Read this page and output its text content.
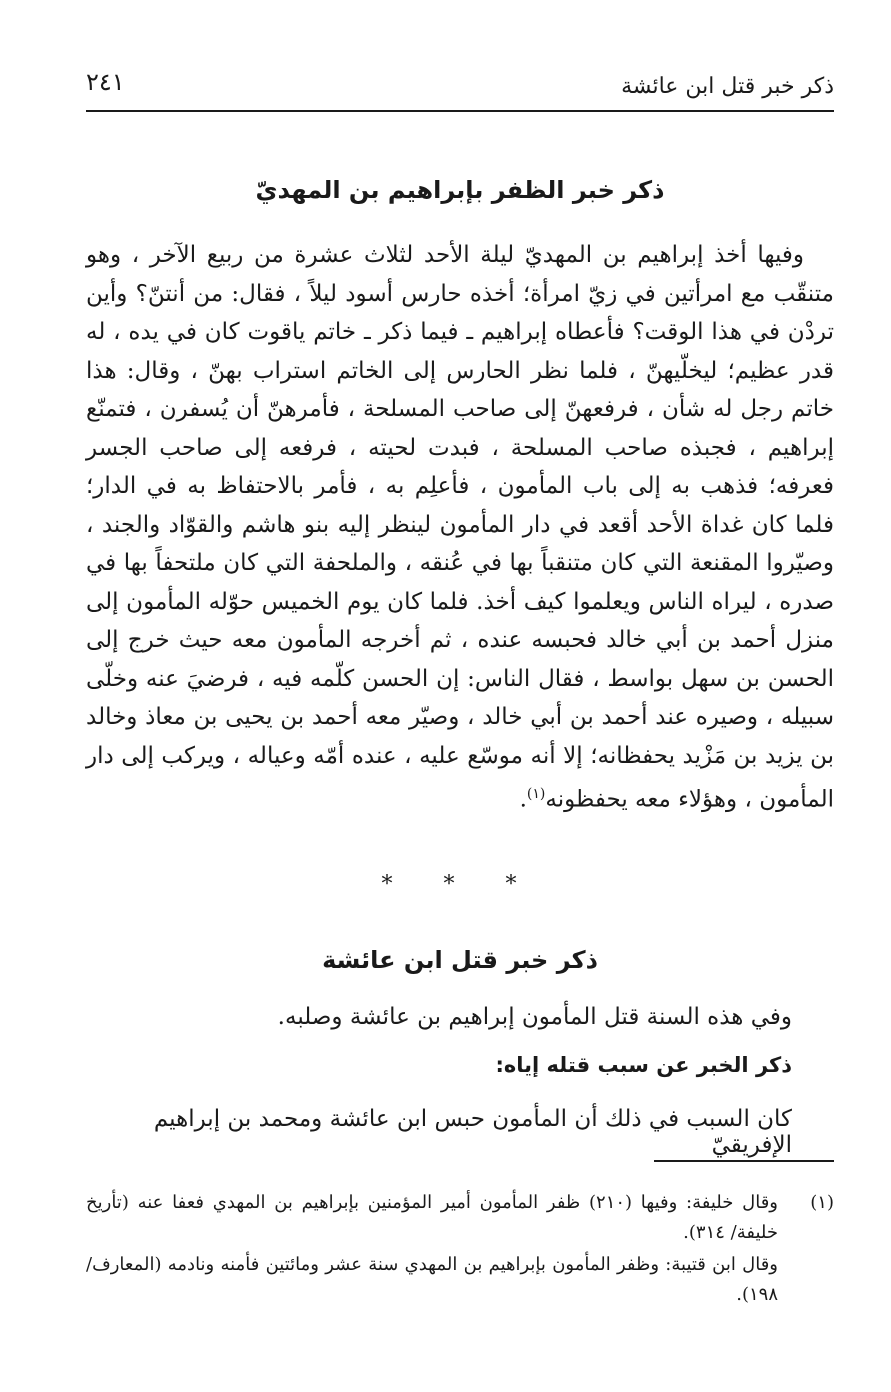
ذكر خبر قتل ابن عائشة
٢٤١
ذكر خبر الظفر بإبراهيم بن المهديّ

وفيها أخذ إبراهيم بن المهديّ ليلة الأحد لثلاث عشرة من ربيع الآخر ، وهو متنقّب مع امرأتين في زيّ امرأة؛ أخذه حارس أسود ليلاً ، فقال: من أنتنّ؟ وأين تردْن في هذا الوقت؟ فأعطاه إبراهيم ـ فيما ذكر ـ خاتم ياقوت كان في يده ، له قدر عظيم؛ ليخلّيهنّ ، فلما نظر الحارس إلى الخاتم استراب بهنّ ، وقال: هذا خاتم رجل له شأن ، فرفعهنّ إلى صاحب المسلحة ، فأمرهنّ أن يُسفرن ، فتمنّع إبراهيم ، فجبذه صاحب المسلحة ، فبدت لحيته ، فرفعه إلى صاحب الجسر فعرفه؛ فذهب به إلى باب المأمون ، فأعلِم به ، فأمر بالاحتفاظ به في الدار؛ فلما كان غداة الأحد أقعد في دار المأمون لينظر إليه بنو هاشم والقوّاد والجند ، وصيّروا المقنعة التي كان متنقباً بها في عُنقه ، والملحفة التي كان ملتحفاً بها في صدره ، ليراه الناس ويعلموا كيف أخذ. فلما كان يوم الخميس حوّله المأمون إلى منزل أحمد بن أبي خالد فحبسه عنده ، ثم أخرجه المأمون معه حيث خرج إلى الحسن بن سهل بواسط ، فقال الناس: إن الحسن كلّمه فيه ، فرضيَ عنه وخلّى سبيله ، وصيره عند أحمد بن أبي خالد ، وصيّر معه أحمد بن يحيى بن معاذ وخالد بن يزيد بن مَزْيد يحفظانه؛ إلا أنه موسّع عليه ، عنده أمّه وعياله ، ويركب إلى دار المأمون ، وهؤلاء معه يحفظونه$^{(١)}$.

* * *
ذكر خبر قتل ابن عائشة
وفي هذه السنة قتل المأمون إبراهيم بن عائشة وصلبه.
ذكر الخبر عن سبب قتله إياه:
كان السبب في ذلك أن المأمون حبس ابن عائشة ومحمد بن إبراهيم الإفريقيّ
(١)
وقال خليفة: وفيها (٢١٠) ظفر المأمون أمير المؤمنين بإبراهيم بن المهدي فعفا عنه (تأريخ خليفة/ ٣١٤).
وقال ابن قتيبة: وظفر المأمون بإبراهيم بن المهدي سنة عشر ومائتين فأمنه ونادمه (المعارف/ ١٩٨).
